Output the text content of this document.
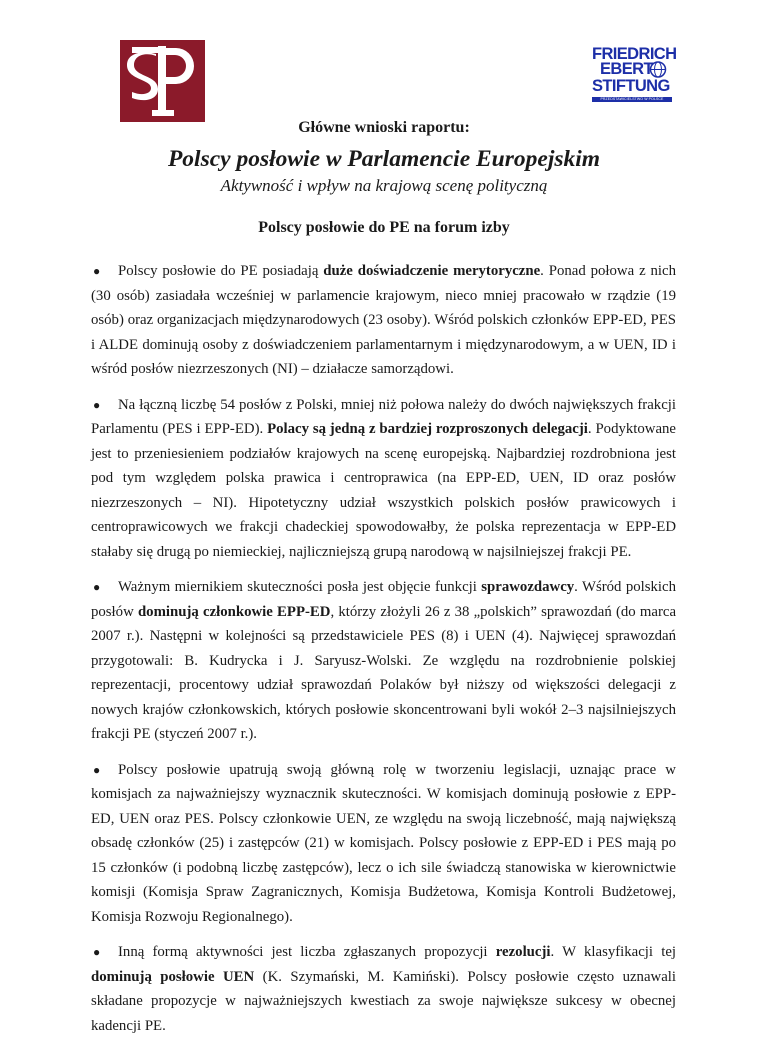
FRIEDRICH
EBERT
STIFTUNG
PRZEDSTAWICIELSTWO W POLSCE
Główne wnioski raportu:
Polscy posłowie w Parlamencie Europejskim
Aktywność i wpływ na krajową scenę polityczną
Polscy posłowie do PE na forum izby

● Polscy posłowie do PE posiadają duże doświadczenie merytoryczne. Ponad połowa z nich (30 osób) zasiadała wcześniej w parlamencie krajowym, nieco mniej pracowało w rządzie (19 osób) oraz organizacjach międzynarodowych (23 osoby). Wśród polskich członków EPP-ED, PES i ALDE dominują osoby z doświadczeniem parlamentarnym i międzynarodowym, a w UEN, ID i wśród posłów niezrzeszonych (NI) – działacze samorządowi.

● Na łączną liczbę 54 posłów z Polski, mniej niż połowa należy do dwóch największych frakcji Parlamentu (PES i EPP-ED). Polacy są jedną z bardziej rozproszonych delegacji. Podyktowane jest to przeniesieniem podziałów krajowych na scenę europejską. Najbardziej rozdrobniona jest pod tym względem polska prawica i centroprawica (na EPP-ED, UEN, ID oraz posłów niezrzeszonych – NI). Hipotetyczny udział wszystkich polskich posłów prawicowych i centroprawicowych we frakcji chadeckiej spowodowałby, że polska reprezentacja w EPP-ED stałaby się drugą po niemieckiej, najliczniejszą grupą narodową w najsilniejszej frakcji PE.

● Ważnym miernikiem skuteczności posła jest objęcie funkcji sprawozdawcy. Wśród polskich posłów dominują członkowie EPP-ED, którzy złożyli 26 z 38 „polskich” sprawozdań (do marca 2007 r.). Następni w kolejności są przedstawiciele PES (8) i UEN (4). Najwięcej sprawozdań przygotowali: B. Kudrycka i J. Saryusz-Wolski. Ze względu na rozdrobnienie polskiej reprezentacji, procentowy udział sprawozdań Polaków był niższy od większości delegacji z nowych krajów członkowskich, których posłowie skoncentrowani byli wokół 2–3 najsilniejszych frakcji PE (styczeń 2007 r.).

● Polscy posłowie upatrują swoją główną rolę w tworzeniu legislacji, uznając prace w komisjach za najważniejszy wyznacznik skuteczności. W komisjach dominują posłowie z EPP-ED, UEN oraz PES. Polscy członkowie UEN, ze względu na swoją liczebność, mają największą obsadę członków (25) i zastępców (21) w komisjach. Polscy posłowie z EPP-ED i PES mają po 15 członków (i podobną liczbę zastępców), lecz o ich sile świadczą stanowiska w kierownictwie komisji (Komisja Spraw Zagranicznych, Komisja Budżetowa, Komisja Kontroli Budżetowej, Komisja Rozwoju Regionalnego).

● Inną formą aktywności jest liczba zgłaszanych propozycji rezolucji. W klasyfikacji tej dominują posłowie UEN (K. Szymański, M. Kamiński). Polscy posłowie często uznawali składane propozycje w najważniejszych kwestiach za swoje największe sukcesy w obecnej kadencji PE.
